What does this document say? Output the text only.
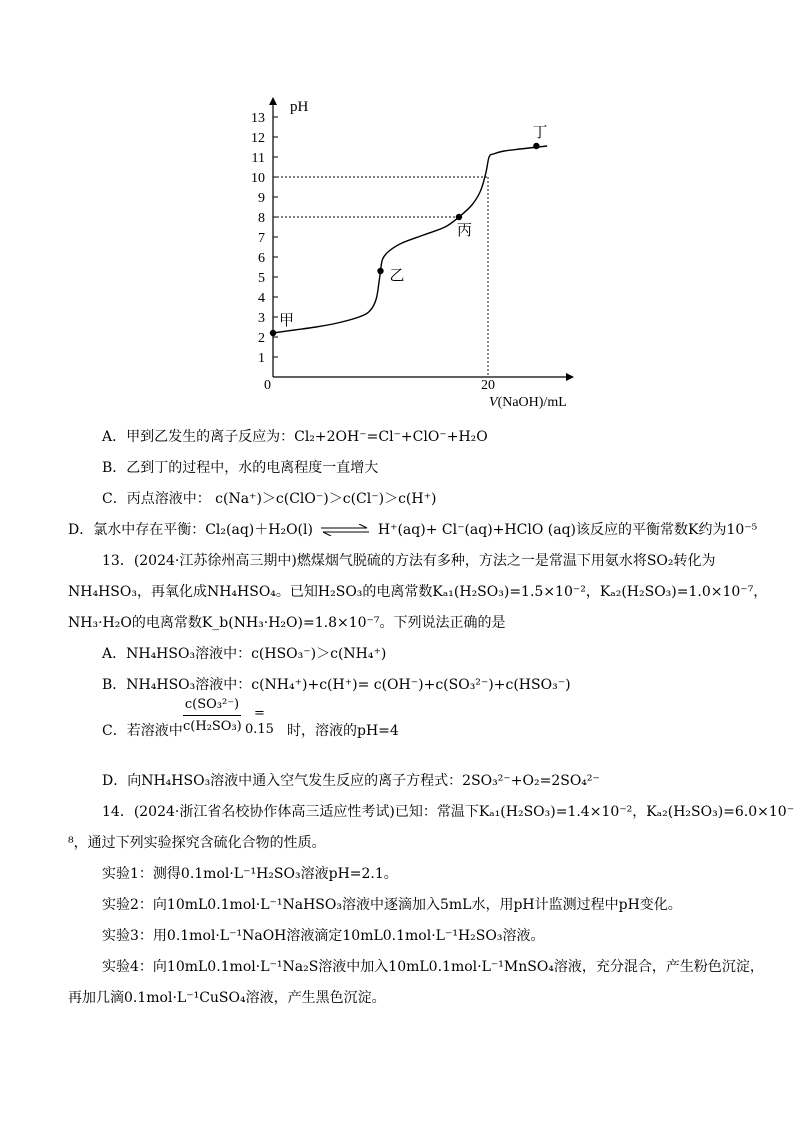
1
2
3
4
5
6
7
8
9
10
11
12
13
20
甲
乙
丙
丁
pH
0
V(NaOH)/mL
A．甲到乙发生的离子反应为：Cl₂+2OH⁻=Cl⁻+ClO⁻+H₂O
B．乙到丁的过程中，水的电离程度一直增大
C．丙点溶液中： c(Na⁺)＞c(ClO⁻)＞c(Cl⁻)＞c(H⁺)
D．氯水中存在平衡：Cl₂(aq)＋H₂O(l) ⇌ H⁺(aq)+ Cl⁻(aq)+HClO (aq)该反应的平衡常数K约为10⁻⁵
13．(2024·江苏徐州高三期中)燃煤烟气脱硫的方法有多种，方法之一是常温下用氨水将SO₂转化为
NH₄HSO₃，再氧化成NH₄HSO₄。已知H₂SO₃的电离常数Kₐ₁(H₂SO₃)=1.5×10⁻²，Kₐ₂(H₂SO₃)=1.0×10⁻⁷，
NH₃·H₂O的电离常数K_b(NH₃·H₂O)=1.8×10⁻⁷。下列说法正确的是
A．NH₄HSO₃溶液中：c(HSO₃⁻)＞c(NH₄⁺)
B．NH₄HSO₃溶液中：c(NH₄⁺)+c(H⁺)= c(OH⁻)+c(SO₃²⁻)+c(HSO₃⁻)
C．若溶液中
c(SO₃²⁻)
c(H₂SO₃)
= 0.15 时，溶液的pH=4
D．向NH₄HSO₃溶液中通入空气发生反应的离子方程式：2SO₃²⁻+O₂=2SO₄²⁻
14．(2024·浙江省名校协作体高三适应性考试)已知：常温下Kₐ₁(H₂SO₃)=1.4×10⁻²，Kₐ₂(H₂SO₃)=6.0×10⁻
⁸，通过下列实验探究含硫化合物的性质。
实验1：测得0.1mol·L⁻¹H₂SO₃溶液pH=2.1。
实验2：向10mL0.1mol·L⁻¹NaHSO₃溶液中逐滴加入5mL水，用pH计监测过程中pH变化。
实验3：用0.1mol·L⁻¹NaOH溶液滴定10mL0.1mol·L⁻¹H₂SO₃溶液。
实验4：向10mL0.1mol·L⁻¹Na₂S溶液中加入10mL0.1mol·L⁻¹MnSO₄溶液，充分混合，产生粉色沉淀，
再加几滴0.1mol·L⁻¹CuSO₄溶液，产生黑色沉淀。
